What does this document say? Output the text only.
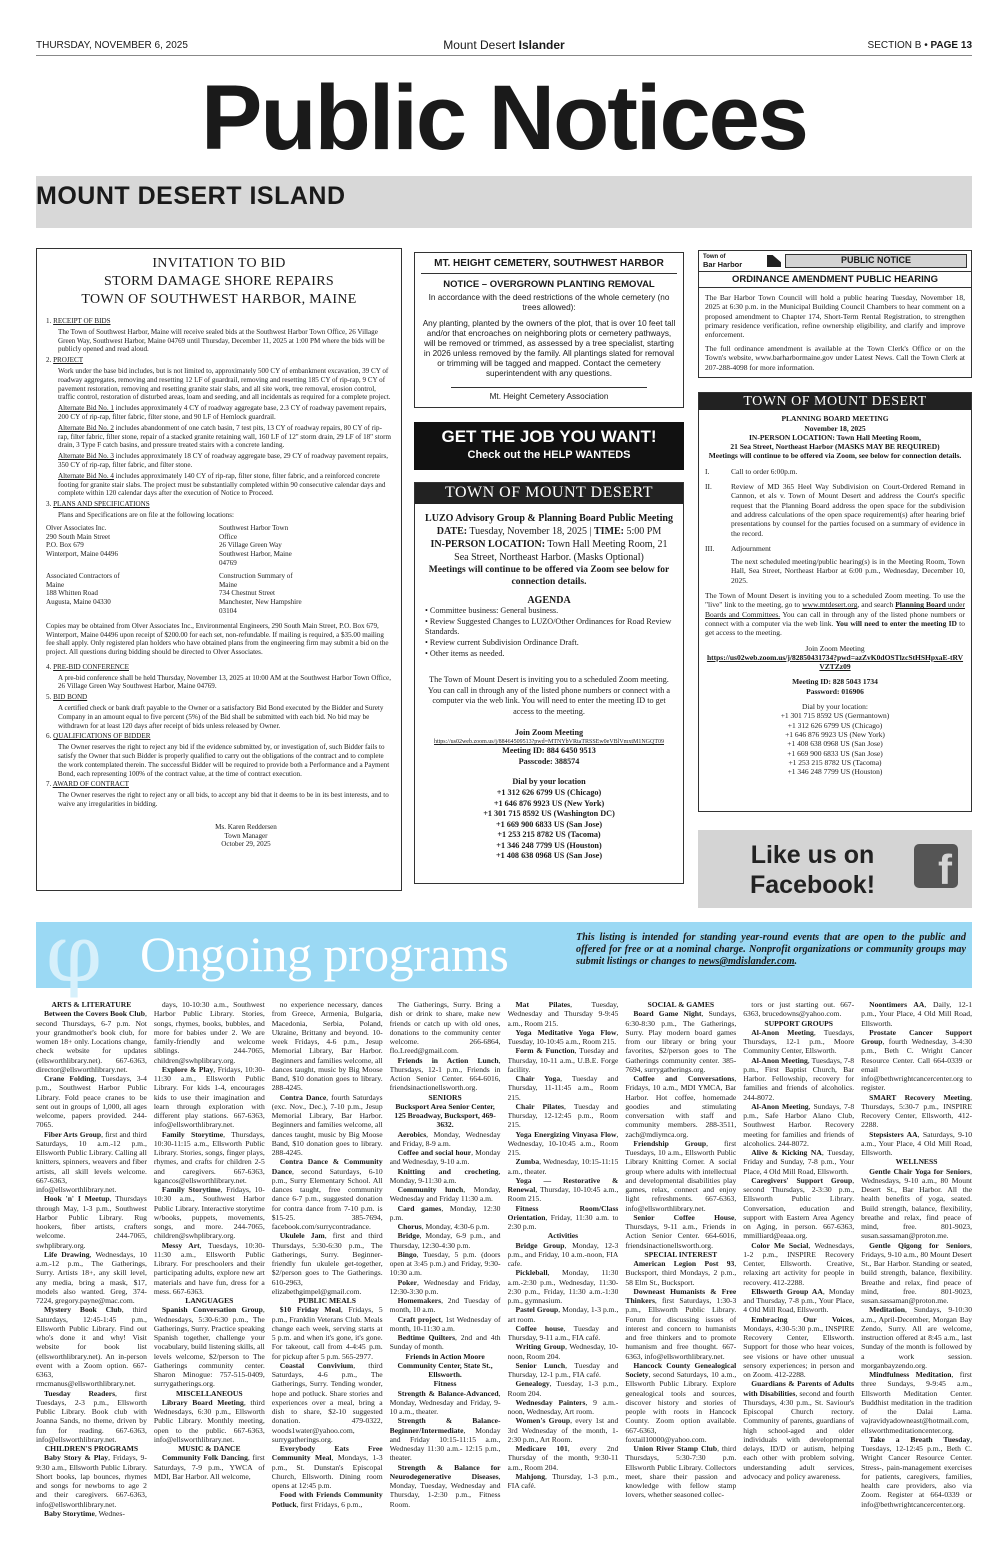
THURSDAY, NOVEMBER 6, 2025	Mount Desert Islander	SECTION B • PAGE 13
Public Notices
MOUNT DESERT ISLAND
INVITATION TO BID
STORM DAMAGE SHORE REPAIRS
TOWN OF SOUTHWEST HARBOR, MAINE

1. RECEIPT OF BIDS

The Town of Southwest Harbor, Maine will receive sealed bids at the Southwest Harbor Town Office, 26 Village Green Way, Southwest Harbor, Maine 04769 until Thursday, December 11, 2025 at 1:00 PM where the bids will be publicly opened and read aloud.

2. PROJECT

Work under the base bid includes, but is not limited to, approximately 500 CY of embankment excavation, 39 CY of roadway aggregates, removing and resetting 12 LF of guardrail, removing and resetting 185 CY of rip-rap, 9 CY of pavement restoration, removing and resetting granite stair slabs, and all site work, tree removal, erosion control, traffic control, restoration of disturbed areas, loam and seeding, and all incidentals as required for a complete project.

Alternate Bid No. 1 includes approximately 4 CY of roadway aggregate base, 2.3 CY of roadway pavement repairs, 200 CY of rip-rap, filter fabric, filter stone, and 90 LF of Hemlock guardrail.

Alternate Bid No. 2 includes abandonment of one catch basin, 7 test pits, 13 CY of roadway repairs, 80 CY of rip-rap, filter fabric, filter stone, repair of a stacked granite retaining wall, 160 LF of 12" storm drain, 29 LF of 18" storm drain, 3 Type F catch basins, and pressure treated stairs with a concrete landing.

Alternate Bid No. 3 includes approximately 18 CY of roadway aggregate base, 29 CY of roadway pavement repairs, 350 CY of rip-rap, filter fabric, and filter stone.

Alternate Bid No. 4 includes approximately 140 CY of rip-rap, filter stone, filter fabric, and a reinforced concrete footing for granite stair slabs. The project must be substantially completed within 90 consecutive calendar days and complete within 120 calendar days after the execution of Notice to Proceed.

3. PLANS AND SPECIFICATIONS

Plans and Specifications are on file at the following locations:

Olver Associates Inc.
290 South Main Street
P.O. Box 679
Winterport, Maine 04496
Southwest Harbor Town Office
26 Village Green Way
Southwest Harbor, Maine 04769
Associated Contractors of Maine
188 Whitten Road
Augusta, Maine 04330
Construction Summary of Maine
734 Chestnut Street
Manchester, New Hampshire 03104

Copies may be obtained from Olver Associates Inc., Environmental Engineers, 290 South Main Street, P.O. Box 679, Winterport, Maine 04496 upon receipt of $200.00 for each set, non-refundable. If mailing is required, a $35.00 mailing fee shall apply. Only registered plan holders who have obtained plans from the engineering firm may submit a bid on the project. All questions during bidding should be directed to Olver Associates.

4. PRE-BID CONFERENCE

A pre-bid conference shall be held Thursday, November 13, 2025 at 10:00 AM at the Southwest Harbor Town Office, 26 Village Green Way Southwest Harbor, Maine 04769.

5. BID BOND

A certified check or bank draft payable to the Owner or a satisfactory Bid Bond executed by the Bidder and Surety Company in an amount equal to five percent (5%) of the Bid shall be submitted with each bid. No bid may be withdrawn for at least 120 days after receipt of bids unless released by Owner.

6. QUALIFICATIONS OF BIDDER

The Owner reserves the right to reject any bid if the evidence submitted by, or investigation of, such Bidder fails to satisfy the Owner that such Bidder is properly qualified to carry out the obligations of the contract and to complete the work contemplated therein. The successful Bidder will be required to provide both a Performance and a Payment Bond, each representing 100% of the contract value, at the time of contract execution.

7. AWARD OF CONTRACT

The Owner reserves the right to reject any or all bids, to accept any bid that it deems to be in its best interests, and to waive any irregularities in bidding.

Ms. Karen Reddersen
Town Manager
October 29, 2025
MT. HEIGHT CEMETERY, SOUTHWEST HARBOR
NOTICE – OVERGROWN PLANTING REMOVAL
In accordance with the deed restrictions of the whole cemetery (no trees allowed):
Any planting, planted by the owners of the plot, that is over 10 feet tall and/or that encroaches on neighboring plots or cemetery pathways, will be removed or trimmed, as assessed by a tree specialist, starting in 2026 unless removed by the family. All plantings slated for removal or trimming will be tagged and mapped. Contact the cemetery superintendent with any questions.
Mt. Height Cemetery Association
GET THE JOB YOU WANT!
Check out the HELP WANTEDS
TOWN OF MOUNT DESERT
LUZO Advisory Group & Planning Board Public Meeting
DATE: Tuesday, November 18, 2025 | TIME: 5:00 PM
IN-PERSON LOCATION: Town Hall Meeting Room, 21 Sea Street, Northeast Harbor. (Masks Optional)
Meetings will continue to be offered via Zoom see below for connection details.
AGENDA
• Committee business: General business.
• Review Suggested Changes to LUZO/Other Ordinances for Road Review Standards.
• Review current Subdivision Ordinance Draft.
• Other items as needed.
The Town of Mount Desert is inviting you to a scheduled Zoom meeting. You can call in through any of the listed phone numbers or connect with a computer via the web link. You will need to enter the meeting ID to get access to the meeting.
Join Zoom Meeting
https://us02web.zoom.us/j/88464509513?pwd=MTNYbVRtaTRSSEw0eVBlVmxtM1NGQT09
Meeting ID: 884 6450 9513
Passcode: 388574
Dial by your location
+1 312 626 6799 US (Chicago)
+1 646 876 9923 US (New York)
+1 301 715 8592 US (Washington DC)
+1 669 900 6833 US (San Jose)
+1 253 215 8782 US (Tacoma)
+1 346 248 7799 US (Houston)
+1 408 638 0968 US (San Jose)
Town of
Bar Harbor	PUBLIC NOTICE
ORDINANCE AMENDMENT PUBLIC HEARING

The Bar Harbor Town Council will hold a public hearing Tuesday, November 18, 2025 at 6:30 p.m. in the Municipal Building Council Chambers to hear comment on a proposed amendment to Chapter 174, Short-Term Rental Registration, to strengthen primary residence verification, refine ownership eligibility, and clarify and improve enforcement.

The full ordinance amendment is available at the Town Clerk's Office or on the Town's website, www.barharbormaine.gov under Latest News. Call the Town Clerk at 207-288-4098 for more information.

TOWN OF MOUNT DESERT
PLANNING BOARD MEETING
November 18, 2025
IN-PERSON LOCATION: Town Hall Meeting Room,
21 Sea Street, Northeast Harbor (MASKS MAY BE REQUIRED)
Meetings will continue to be offered via Zoom, see below for connection details.
I.	Call to order 6:00p.m.
II.	Review of MD 365 Heel Way Subdivision on Court-Ordered Remand in Cannon, et als v. Town of Mount Desert and address the Court's specific request that the Planning Board address the open space for the subdivision and address calculations of the open space requirement(s) after hearing brief presentations by counsel for the parties focused on a summary of evidence in the record.
III.	Adjournment
The next scheduled meeting/public hearing(s) is in the Meeting Room, Town Hall, Sea Street, Northeast Harbor at 6:00 p.m., Wednesday, December 10, 2025.
The Town of Mount Desert is inviting you to a scheduled Zoom meeting. To use the "live" link to the meeting, go to www.mtdesert.org, and search Planning Board under Boards and Committees. You can call in through any of the listed phone numbers or connect with a computer via the web link. You will need to enter the meeting ID to get access to the meeting.
Join Zoom Meeting
https://us02web.zoom.us/j/82850431734?pwd=azZvK0dOSTlzcStHSHpxaE-tRVVZTZz09
Meeting ID: 828 5043 1734
Password: 016906
Dial by your location:
+1 301 715 8592 US (Germantown)
+1 312 626 6799 US (Chicago)
+1 646 876 9923 US (New York)
+1 408 638 0968 US (San Jose)
+1 669 900 6833 US (San Jose)
+1 253 215 8782 US (Tacoma)
+1 346 248 7799 US (Houston)
Like us on
Facebook!	f
φ Ongoing programs	This listing is intended for standing year-round events that are open to the public and offered for free or at a nominal charge. Nonprofit organizations or community groups may submit listings or changes to news@mdislander.com.
ARTS & LITERATURE
Between the Covers Book Club, second Thursdays, 6-7 p.m. Not your grandmother's book club, for women 18+ only. Locations change, check website for updates (ellsworthlibrary.net). 667-6363, director@ellsworthlibrary.net.
Crane Folding, Tuesdays, 3-4 p.m., Southwest Harbor Public Library. Fold peace cranes to be sent out in groups of 1,000, all ages welcome, papers provided. 244-7065.
Fiber Arts Group, first and third Saturdays, 10 a.m.-12 p.m., Ellsworth Public Library. Calling all knitters, spinners, weavers and fiber artists, all skill levels welcome. 667-6363, info@ellsworthlibrary.net.
Hook 'n' I Meetup, Thursdays through May, 1-3 p.m., Southwest Harbor Public Library. Rug hookers, fiber artists, crafters welcome. 244-7065, swhplibrary.org.
Life Drawing, Wednesdays, 10 a.m.-12 p.m., The Gatherings, Surry. Artists 18+, any skill level, any media, bring a mask, $17, models also wanted. Greg, 374-7224, gregory.payne@mac.com.
Mystery Book Club, third Saturdays, 12:45-1:45 p.m., Ellsworth Public Library. Find out who's done it and why! Visit website for book list (ellsworthlibrary.net). An in-person event with a Zoom option. 667-6363, rmcmanus@ellsworthlibrary.net.
Tuesday Readers, first Tuesdays, 2-3 p.m., Ellsworth Public Library. Book club with Joanna Sands, no theme, driven by fun for reading. 667-6363, info@ellsworthlibrary.net.
CHILDREN'S PROGRAMS
Baby Story & Play, Fridays, 9-9:30 a.m., Ellsworth Public Library. Short books, lap bounces, rhymes and songs for newborns to age 2 and their caregivers. 667-6363, info@ellsworthlibrary.net.
Baby Storytime, Wednes-
days, 10-10:30 a.m., Southwest Harbor Public Library. Stories, songs, rhymes, books, bubbles, and more for babies under 2. We are family-friendly and welcome siblings. 244-7065, children@swhplibrary.org.
Explore & Play, Fridays, 10:30-11:30 a.m., Ellsworth Public Library. For kids 1-4, encourages kids to use their imagination and learn through exploration with different play stations. 667-6363, info@ellsworthlibrary.net.
Family Storytime, Thursdays, 10:30-11:15 a.m., Ellsworth Public Library. Stories, songs, finger plays, rhymes, and crafts for children 2-5 and caregivers. 667-6363, kgancos@ellsworthlibrary.net.
Family Storytime, Fridays, 10-10:30 a.m., Southwest Harbor Public Library. Interactive storytime w/books, puppets, movements, songs, and more. 244-7065, children@swhplibrary.org.
Messy Art, Tuesdays, 10:30-11:30 a.m., Ellsworth Public Library. For preschoolers and their participating adults, explore new art materials and have fun, dress for a mess. 667-6363.
LANGUAGES
Spanish Conversation Group, Wednesdays, 5:30-6:30 p.m., The Gatherings, Surry. Practice speaking Spanish together, challenge your vocabulary, build listening skills, all levels welcome, $2/person to The Gatherings community center. Sharon Minogue: 757-515-0409, surrygatherings.org.
MISCELLANEOUS
Library Board Meeting, third Wednesdays, 6:30 p.m., Ellsworth Public Library. Monthly meeting, open to the public. 667-6363, info@ellsworthlibrary.net.
MUSIC & DANCE
Community Folk Dancing, first Saturdays, 7-9 p.m., YWCA of MDI, Bar Harbor. All welcome,
no experience necessary, dances from Greece, Armenia, Bulgaria, Macedonia, Serbia, Poland, Ukraine, Brittany and beyond. 10-week Fridays, 4-6 p.m., Jesup Memorial Library, Bar Harbor. Beginners and families welcome, all dances taught, music by Big Moose Band, $10 donation goes to library. 288-4245.
Contra Dance, fourth Saturdays (exc. Nov., Dec.), 7-10 p.m., Jesup Memorial Library, Bar Harbor. Beginners and families welcome, all dances taught, music by Big Moose Band, $10 donation goes to library. 288-4245.
Contra Dance & Community Dance, second Saturdays, 6-10 p.m., Surry Elementary School. All dances taught, free community dance 6-7 p.m., suggested donation for contra dance from 7-10 p.m. is $15-25. 385-7694, facebook.com/surrycontradance.
Ukulele Jam, first and third Thursdays, 5:30-6:30 p.m., The Gatherings, Surry. Beginner-friendly fun ukulele get-together, $2/person goes to The Gatherings. 610-2963, elizabethgimpel@gmail.com.
PUBLIC MEALS
$10 Friday Meal, Fridays, 5 p.m., Franklin Veterans Club. Meals change each week, serving starts at 5 p.m. and when it's gone, it's gone. For takeout, call from 4-4:45 p.m. for pickup after 5 p.m. 565-2977.
Coastal Convivium, third Saturdays, 4-6 p.m., The Gatherings, Surry. Tending wonder, hope and potluck. Share stories and experiences over a meal, bring a dish to share, $2-10 suggested donation. 479-0322, woods1water@yahoo.com, surrygatherings.org.
Everybody Eats Free Community Meal, Mondays, 1-3 p.m., St. Dunstan's Episcopal Church, Ellsworth. Dining room opens at 12:45 p.m.
Food with Friends Community Potluck, first Fridays, 6 p.m.,
The Gatherings, Surry. Bring a dish or drink to share, make new friends or catch up with old ones, donations to the community center welcome. 266-6864, flo.Lreed@gmail.com.
Friends in Action Lunch, Thursdays, 12-1 p.m., Friends in Action Senior Center. 664-6016, friendsinactionellsworth.org.
SENIORS
Bucksport Area Senior Center, 125 Broadway, Bucksport, 469-3632.
Aerobics, Monday, Wednesday and Friday, 8-9 a.m.
Coffee and social hour, Monday and Wednesday, 9-10 a.m.
Knitting and crocheting, Monday, 9-11:30 a.m.
Community lunch, Monday, Wednesday and Friday 11:30 a.m.
Card games, Monday, 12:30 p.m.
Chorus, Monday, 4:30-6 p.m.
Bridge, Monday, 6-9 p.m., and Thursday, 12:30-4:30 p.m.
Bingo, Tuesday, 5 p.m. (doors open at 3:45 p.m.) and Friday, 9:30-10:30 a.m.
Poker, Wednesday and Friday, 12:30-3:30 p.m.
Homemakers, 2nd Tuesday of month, 10 a.m.
Craft project, 1st Wednesday of month, 10-11:30 a.m.
Bedtime Quilters, 2nd and 4th Sunday of month.
Friends in Action Moore Community Center, State St., Ellsworth.
Fitness
Strength & Balance-Advanced, Monday, Wednesday and Friday, 9-10 a.m., theater.
Strength & Balance-Beginner/Intermediate, Monday and Friday 10:15-11:15 a.m., Wednesday 11:30 a.m.- 12:15 p.m., theater.
Strength & Balance for Neurodegenerative Diseases, Monday, Tuesday, Wednesday and Thursday, 1-2:30 p.m., Fitness Room.
Mat Pilates, Tuesday, Wednesday and Thursday 9-9:45 a.m., Room 215.
Yoga Meditative Yoga Flow, Tuesday, 10-10:45 a.m., Room 215.
Form & Function, Tuesday and Thursday, 10-11 a.m., U.B.E. Forge facility.
Chair Yoga, Tuesday and Thursday, 11-11:45 a.m., Room 215.
Chair Pilates, Tuesday and Thursday, 12-12:45 p.m., Room 215.
Yoga Energizing Vinyasa Flow, Wednesday, 10-10:45 a.m., Room 215.
Zumba, Wednesday, 10:15-11:15 a.m., theater.
Yoga — Restorative & Renewal, Thursday, 10-10:45 a.m., Room 215.
Fitness Room/Class Orientation, Friday, 11:30 a.m. to 2:30 p.m.
Activities
Bridge Group, Monday, 12-3 p.m., and Friday, 10 a.m.-noon, FIA cafe.
Pickleball, Monday, 11:30 a.m.-2:30 p.m., Wednesday, 11:30-2:30 p.m., Friday, 11:30 a.m.-1:30 p.m., gymnasium.
Pastel Group, Monday, 1-3 p.m., art room.
Coffee house, Tuesday and Thursday, 9-11 a.m., FIA café.
Writing Group, Wednesday, 10-noon, Room 204.
Senior Lunch, Tuesday and Thursday, 12-1 p.m., FIA café.
Genealogy, Tuesday, 1-3 p.m., Room 204.
Wednesday Painters, 9 a.m.-noon, Wednesday, Art room.
Women's Group, every 1st and 3rd Wednesday of the month, 1- 2:30 p.m., Art Room.
Medicare 101, every 2nd Thursday of the month, 9:30-11 a.m., Room 204.
Mahjong, Thursday, 1-3 p.m., FIA café.
SOCIAL & GAMES
Board Game Night, Sundays, 6:30-8:30 p.m., The Gatherings, Surry. Play modern board games from our library or bring your favorites, $2/person goes to The Gatherings community center. 385-7694, surrygatherings.org.
Coffee and Conversations, Fridays, 10 a.m., MDI YMCA, Bar Harbor. Hot coffee, homemade goodies and stimulating conversation with staff and community members. 288-3511, zach@mdiymca.org.
Friendship Group, first Tuesdays, 10 a.m., Ellsworth Public Library Knitting Corner. A social group where adults with intellectual and developmental disabilities play games, relax, connect and enjoy light refreshments. 667-6363, info@ellsworthlibrary.net.
Senior Coffee House, Thursdays, 9-11 a.m., Friends in Action Senior Center. 664-6016, friendsinactionellsworth.org.
SPECIAL INTEREST
American Legion Post 93, Bucksport, third Mondays, 2 p.m., 58 Elm St., Bucksport.
Downeast Humanists & Free Thinkers, first Saturdays, 1:30-3 p.m., Ellsworth Public Library. Forum for discussing issues of interest and concern to humanists and free thinkers and to promote humanism and free thought. 667-6363, info@ellsworthlibrary.net.
Hancock County Genealogical Society, second Saturdays, 10 a.m., Ellsworth Public Library. Explore genealogical tools and sources, discover history and stories of people with roots in Hancock County. Zoom option available. 667-6363, foxtail10000@yahoo.com.
Union River Stamp Club, third Thursdays, 5:30-7:30 p.m. Ellsworth Public Library. Collectors meet, share their passion and knowledge with fellow stamp lovers, whether seasoned collec-
tors or just starting out. 667-6363, brucedowns@yahoo.com.
SUPPORT GROUPS
Al-Anon Meeting, Tuesdays, Thursdays, 12-1 p.m., Moore Community Center, Ellsworth.
Al-Anon Meeting, Tuesdays, 7-8 p.m., First Baptist Church, Bar Harbor. Fellowship, recovery for families and friends of alcoholics. 244-8072.
Al-Anon Meeting, Sundays, 7-8 p.m., Safe Harbor Alano Club, Southwest Harbor. Recovery meeting for families and friends of alcoholics. 244-8072.
Alive & Kicking NA, Tuesday, Friday and Sunday, 7-8 p.m., Your Place, 4 Old Mill Road, Ellsworth.
Caregivers' Support Group, second Thursdays, 2-3:30 p.m., Ellsworth Public Library. Conversation, education and support with Eastern Area Agency on Aging, in person. 667-6363, mmilliard@eaaa.org.
Color Me Social, Wednesdays, 1-2 p.m., INSPIRE Recovery Center, Ellsworth. Creative, relaxing art activity for people in recovery. 412-2288.
Ellsworth Group AA, Monday and Thursday, 7-8 p.m., Your Place, 4 Old Mill Road, Ellsworth.
Embracing Our Voices, Mondays, 4:30-5:30 p.m., INSPIRE Recovery Center, Ellsworth. Support for those who hear voices, see visions or have other unusual sensory experiences; in person and on Zoom. 412-2288.
Guardians & Parents of Adults with Disabilities, second and fourth Thursdays, 4:30 p.m., St. Saviour's Episcopal Church rectory. Community of parents, guardians of high school-aged and older individuals with developmental delays, ID/D or autism, helping each other with problem solving, understanding adult services, advocacy and policy awareness.
Noontimers AA, Daily, 12-1 p.m., Your Place, 4 Old Mill Road, Ellsworth.
Prostate Cancer Support Group, fourth Wednesday, 3-4:30 p.m., Beth C. Wright Cancer Resource Center. Call 664-0339 or email info@bethwrightcancercenter.org to register.
SMART Recovery Meeting, Thursdays, 5:30-7 p.m., INSPIRE Recovery Center, Ellsworth, 412-2288.
Stepsisters AA, Saturdays, 9-10 a.m., Your Place, 4 Old Mill Road, Ellsworth.
WELLNESS
Gentle Chair Yoga for Seniors, Wednesdays, 9-10 a.m., 80 Mount Desert St., Bar Harbor. All the health benefits of yoga, seated. Build strength, balance, flexibility, breathe and relax, find peace of mind, free. 801-9023, susan.sassaman@proton.me.
Gentle Qigong for Seniors, Fridays, 9-10 a.m., 80 Mount Desert St., Bar Harbor. Standing or seated, build strength, balance, flexibility. Breathe and relax, find peace of mind, free. 801-9023, susan.sassaman@proton.me.
Meditation, Sundays, 9-10:30 a.m., April-December, Morgan Bay Zendo, Surry. All are welcome, instruction offered at 8:45 a.m., last Sunday of the month is followed by a work session. morganbayzendo.org.
Mindfulness Meditation, first three Sundays, 9-9:45 a.m., Ellsworth Meditation Center. Buddhist meditation in the tradition of the Dalai Lama. vajravidyadowneast@hotmail.com, ellsworthmeditationcenter.org.
Take a Breath Tuesday, Tuesdays, 12-12:45 p.m., Beth C. Wright Cancer Resource Center. Stress-, pain-management exercises for patients, caregivers, families, health care providers, also via Zoom. Register at 664-0339 or info@bethwrightcancercenter.org.
